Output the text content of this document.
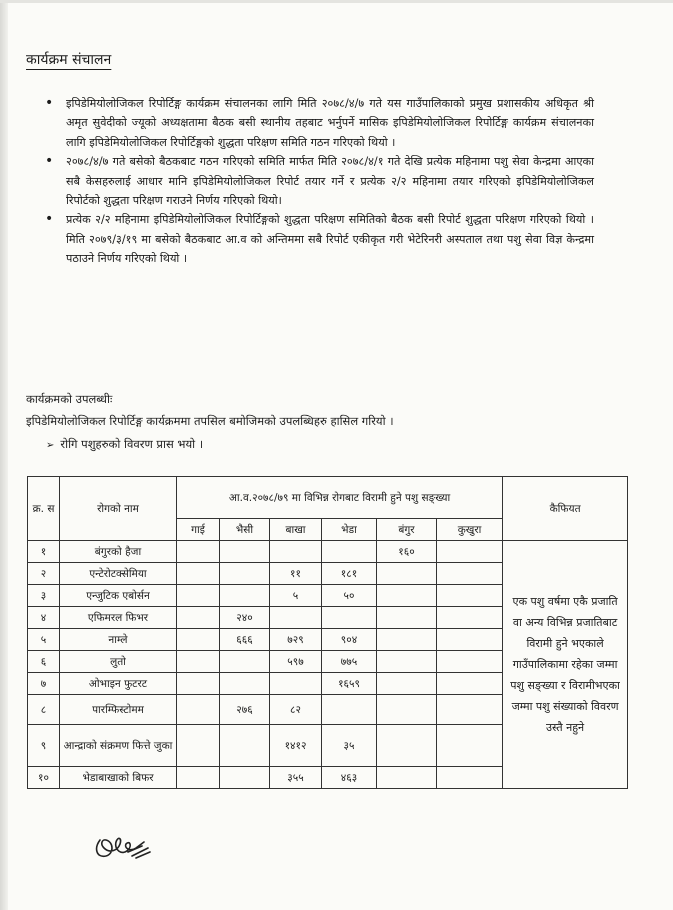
कार्यक्रम संचालन
• इपिडेमियोलोजिकल रिपोर्टिङ्ग कार्यक्रम संचालनका लागि मिति २०७८/४/७ गते यस गाउँपालिकाको प्रमुख प्रशासकीय अधिकृत श्री अमृत सुवेदीको ज्यूको अध्यक्षतामा बैठक बसी स्थानीय तहबाट भर्नुपर्ने मासिक इपिडेमियोलोजिकल रिपोर्टिङ्ग कार्यक्रम संचालनका लागि इपिडेमियोलोजिकल रिपोर्टिङ्गको शुद्धता परिक्षण समिति गठन गरिएको थियो ।
• २०७८/४/७ गते बसेको बैठकबाट गठन गरिएको समिति मार्फत मिति २०७८/४/१ गते देखि प्रत्येक महिनामा पशु सेवा केन्द्रमा आएका सबै केसहरुलाई आधार मानि इपिडेमियोलोजिकल रिपोर्ट तयार गर्ने र प्रत्येक २/२ महिनामा तयार गरिएको इपिडेमियोलोजिकल रिपोर्टको शुद्धता परिक्षण गराउने निर्णय गरिएको थियो।
• प्रत्येक २/२ महिनामा इपिडेमियोलोजिकल रिपोर्टिङ्गको शुद्धता परिक्षण समितिको बैठक बसी रिपोर्ट शुद्धता परिक्षण गरिएको थियो । मिति २०७९/३/१९ मा बसेको बैठकबाट आ.व को अन्तिममा सबै रिपोर्ट एकीकृत गरी भेटेरिनरी अस्पताल तथा पशु सेवा विज्ञ केन्द्रमा पठाउने निर्णय गरिएको थियो ।
कार्यक्रमको उपलब्धीः
इपिडेमियोलोजिकल रिपोर्टिङ्ग कार्यक्रममा तपसिल बमोजिमको उपलब्धिहरु हासिल गरियो ।
➢ रोगि पशुहरुको विवरण प्रास भयो ।
क्र. स	रोगको नाम	आ.व.२०७८/७९ मा विभिन्न रोगबाट विरामी हुने पशु सङ्ख्या						कैफियत
		गाई	भैसी	बाखा	भेडा	बंगुर	कुखुरा	
१	बंगुरको हैजा					१६०		एक पशु वर्षमा एकै प्रजाति वा अन्य विभिन्न प्रजातिबाट विरामी हुने भएकाले गाउँपालिकामा रहेका जम्मा पशु सङ्ख्या र विरामीभएका जम्मा पशु संख्याको विवरण उस्तै नहुने
२	एन्टेरोटक्सेमिया			११	१८१			
३	एन्जुटिक एबोर्सन			५	५०			
४	एफिमरल फिभर		२४०					
५	नाम्ले		६६६	७२९	९०४			
६	लुतो			५९७	७७५			
७	ओभाइन फुटरट				१६५९			
८	पारम्फिस्टोमम		२७६	८२				
९	आन्द्राको संक्रमण फित्ते जुका			१४१२	३५			
१०	भेडाबाखाको बिफर			३५५	४६३			
